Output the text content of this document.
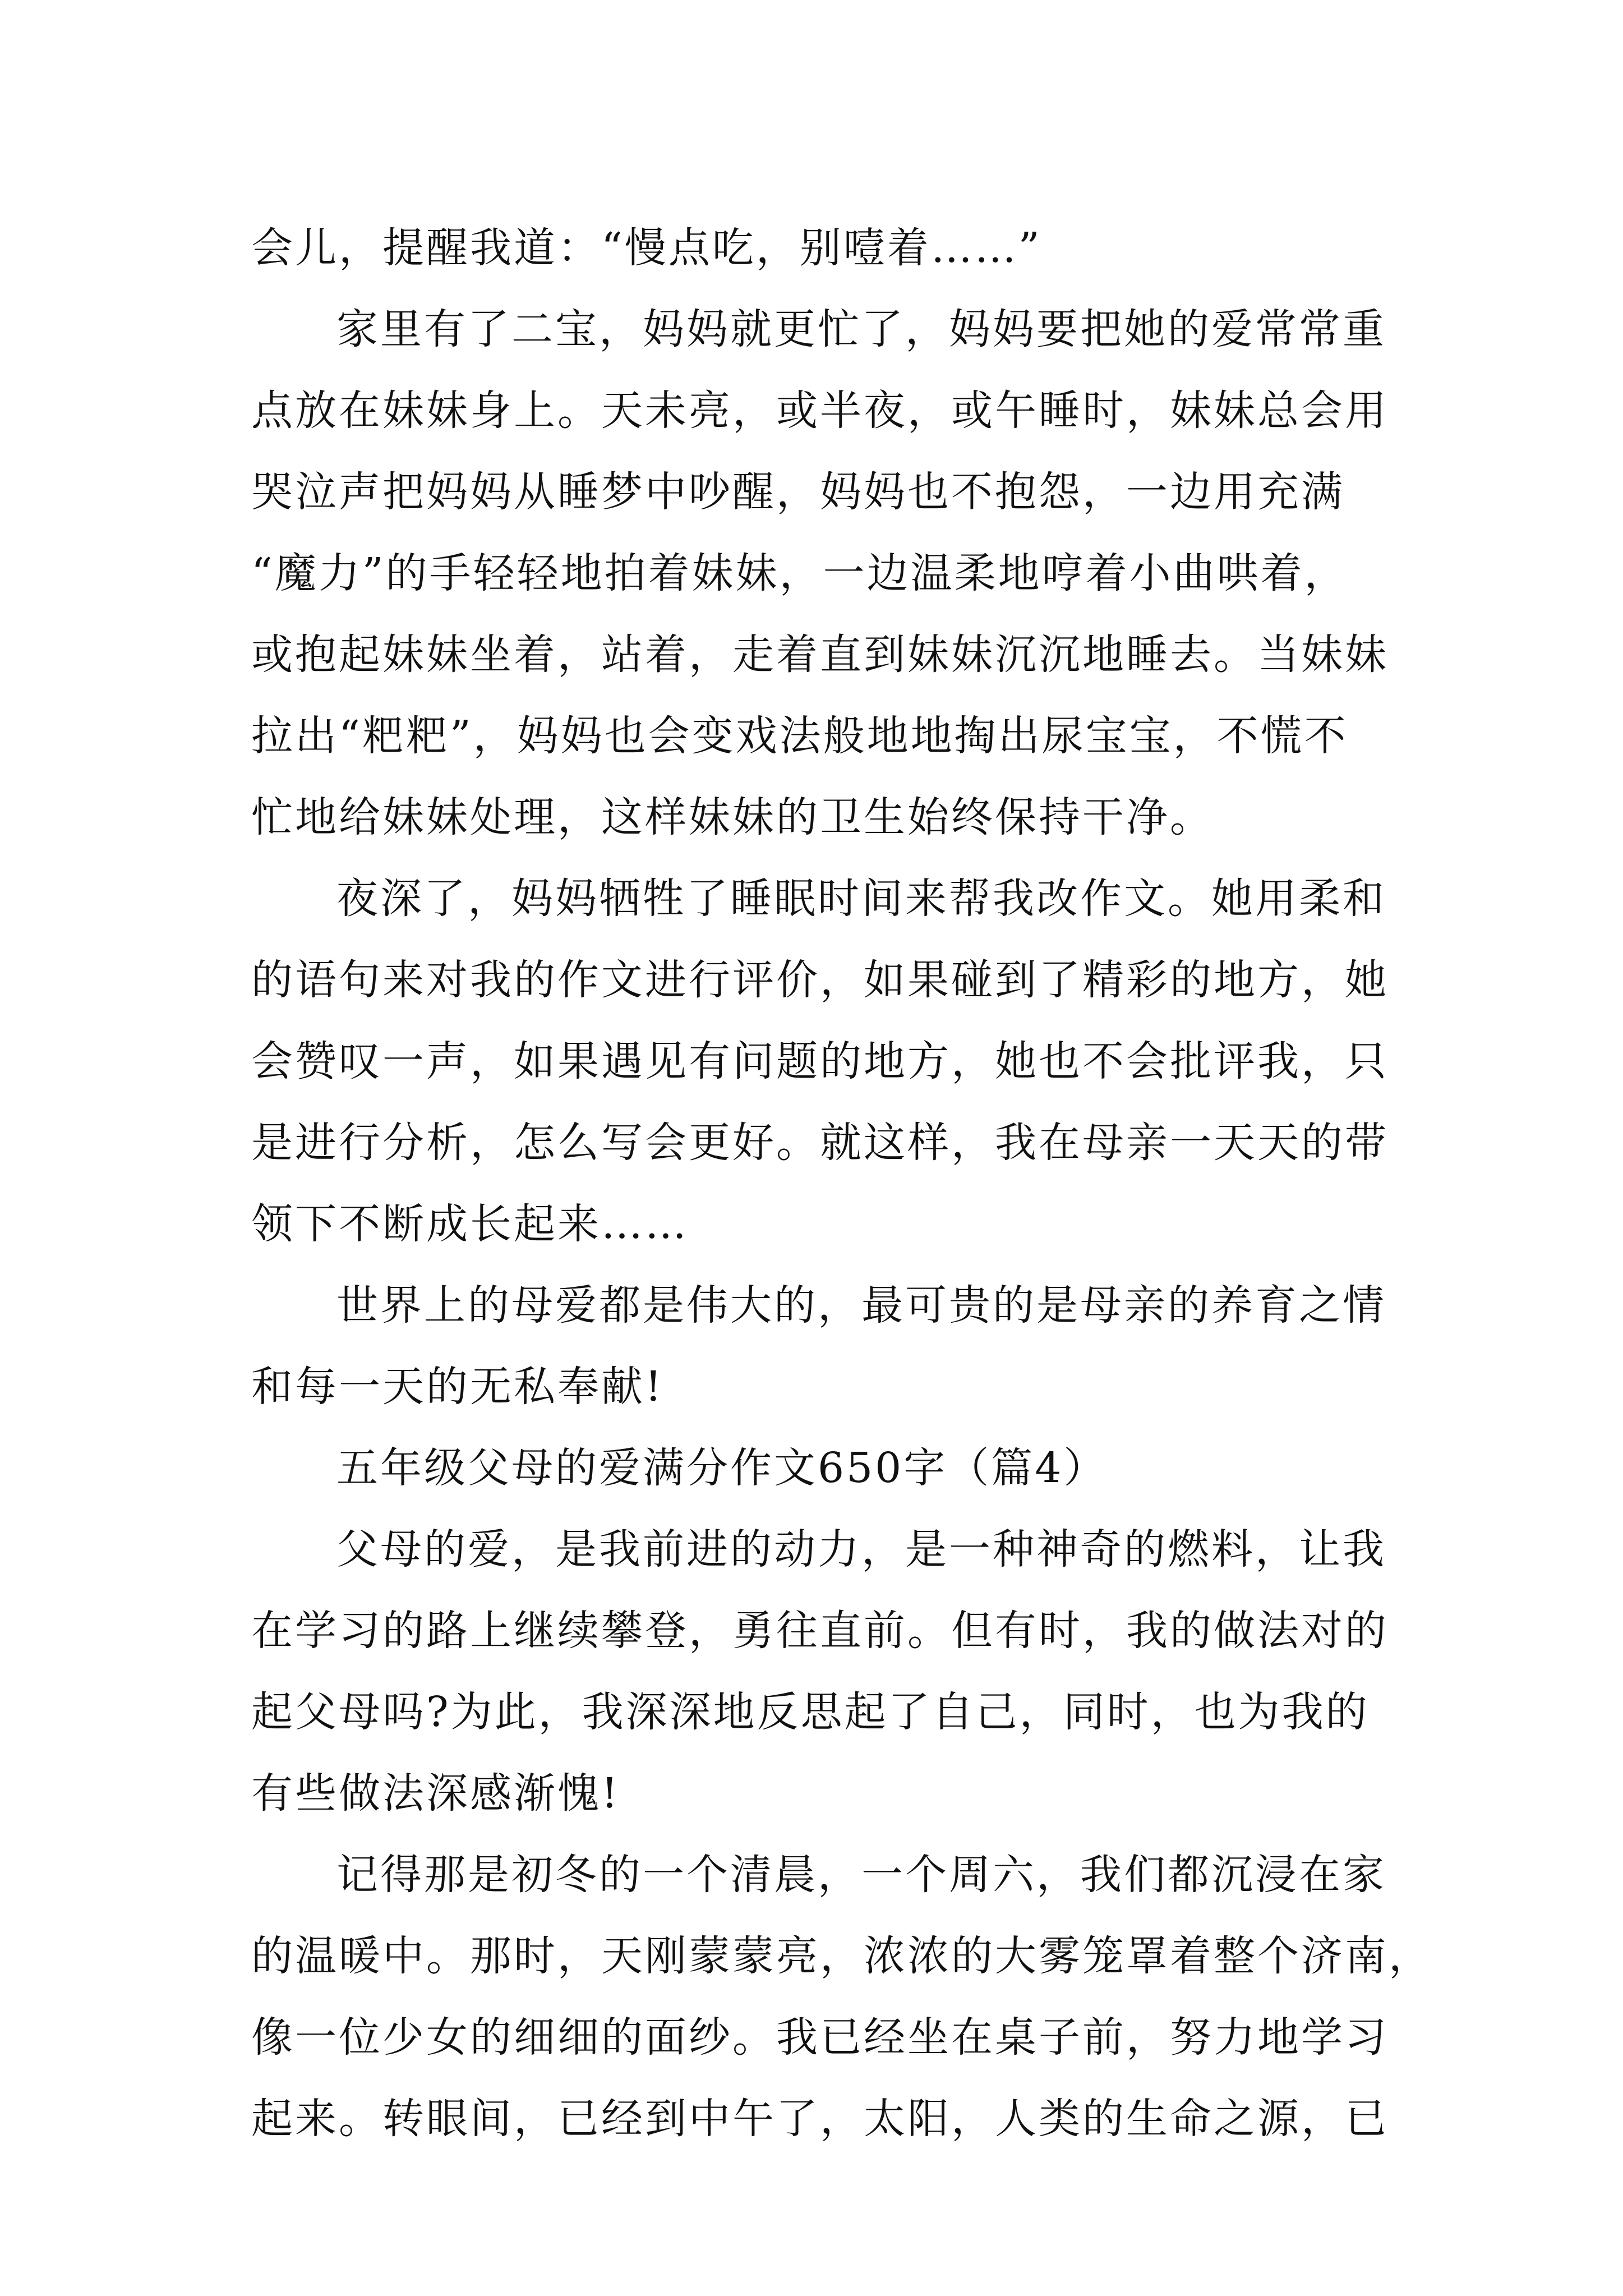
会儿，提醒我道：“慢点吃，别噎着……”
家里有了二宝，妈妈就更忙了，妈妈要把她的爱常常重
点放在妹妹身上。天未亮，或半夜，或午睡时，妹妹总会用
哭泣声把妈妈从睡梦中吵醒，妈妈也不抱怨，一边用充满
“魔力”的手轻轻地拍着妹妹，一边温柔地哼着小曲哄着，
或抱起妹妹坐着，站着，走着直到妹妹沉沉地睡去。当妹妹
拉出“粑粑”，妈妈也会变戏法般地地掏出尿宝宝，不慌不
忙地给妹妹处理，这样妹妹的卫生始终保持干净。
夜深了，妈妈牺牲了睡眠时间来帮我改作文。她用柔和
的语句来对我的作文进行评价，如果碰到了精彩的地方，她
会赞叹一声，如果遇见有问题的地方，她也不会批评我，只
是进行分析，怎么写会更好。就这样，我在母亲一天天的带
领下不断成长起来……
世界上的母爱都是伟大的，最可贵的是母亲的养育之情
和每一天的无私奉献!
五年级父母的爱满分作文650字（篇4）
父母的爱，是我前进的动力，是一种神奇的燃料，让我
在学习的路上继续攀登，勇往直前。但有时，我的做法对的
起父母吗?为此，我深深地反思起了自己，同时，也为我的
有些做法深感渐愧!
记得那是初冬的一个清晨，一个周六，我们都沉浸在家
的温暖中。那时，天刚蒙蒙亮，浓浓的大雾笼罩着整个济南，
像一位少女的细细的面纱。我已经坐在桌子前，努力地学习
起来。转眼间，已经到中午了，太阳，人类的生命之源，已
